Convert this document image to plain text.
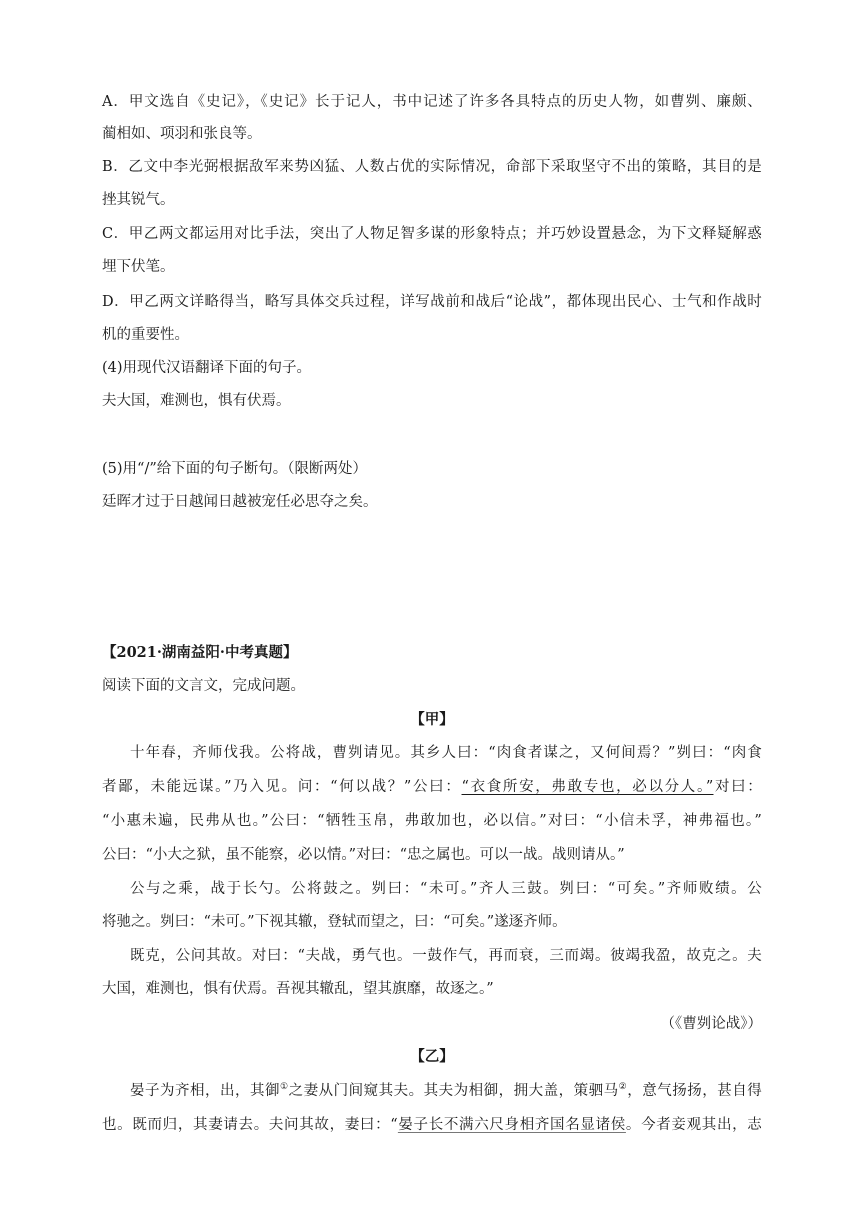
A．甲文选自《史记》，《史记》长于记人，书中记述了许多各具特点的历史人物，如曹刿、廉颇、
蔺相如、项羽和张良等。
B．乙文中李光弼根据敌军来势凶猛、人数占优的实际情况，命部下采取坚守不出的策略，其目的是
挫其锐气。
C．甲乙两文都运用对比手法，突出了人物足智多谋的形象特点；并巧妙设置悬念，为下文释疑解惑
埋下伏笔。
D．甲乙两文详略得当，略写具体交兵过程，详写战前和战后“论战”，都体现出民心、士气和作战时
机的重要性。
(4)用现代汉语翻译下面的句子。
夫大国，难测也，惧有伏焉。
(5)用“/”给下面的句子断句。（限断两处）
廷晖才过于日越闻日越被宠任必思夺之矣。
【2021·湖南益阳·中考真题】
阅读下面的文言文，完成问题。
【甲】
十年春，齐师伐我。公将战，曹刿请见。其乡人曰：“肉食者谋之，又何间焉？”刿曰：“肉食
者鄙，未能远谋。”乃入见。问：“何以战？”公曰：“衣食所安，弗敢专也，必以分人。”对曰：
“小惠未遍，民弗从也。”公曰：“牺牲玉帛，弗敢加也，必以信。”对曰：“小信未孚，神弗福也。”
公曰：“小大之狱，虽不能察，必以情。”对曰：“忠之属也。可以一战。战则请从。”
公与之乘，战于长勺。公将鼓之。刿曰：“未可。”齐人三鼓。刿曰：“可矣。”齐师败绩。公
将驰之。刿曰：“未可。”下视其辙，登轼而望之，曰：“可矣。”遂逐齐师。
既克，公问其故。对曰：“夫战，勇气也。一鼓作气，再而衰，三而竭。彼竭我盈，故克之。夫
大国，难测也，惧有伏焉。吾视其辙乱，望其旗靡，故逐之。”
（《曹刿论战》）
【乙】
晏子为齐相，出，其御①之妻从门间窥其夫。其夫为相御，拥大盖，策驷马②，意气扬扬，甚自得
也。既而归，其妻请去。夫问其故，妻曰：“晏子长不满六尺身相齐国名显诸侯。今者妾观其出，志
